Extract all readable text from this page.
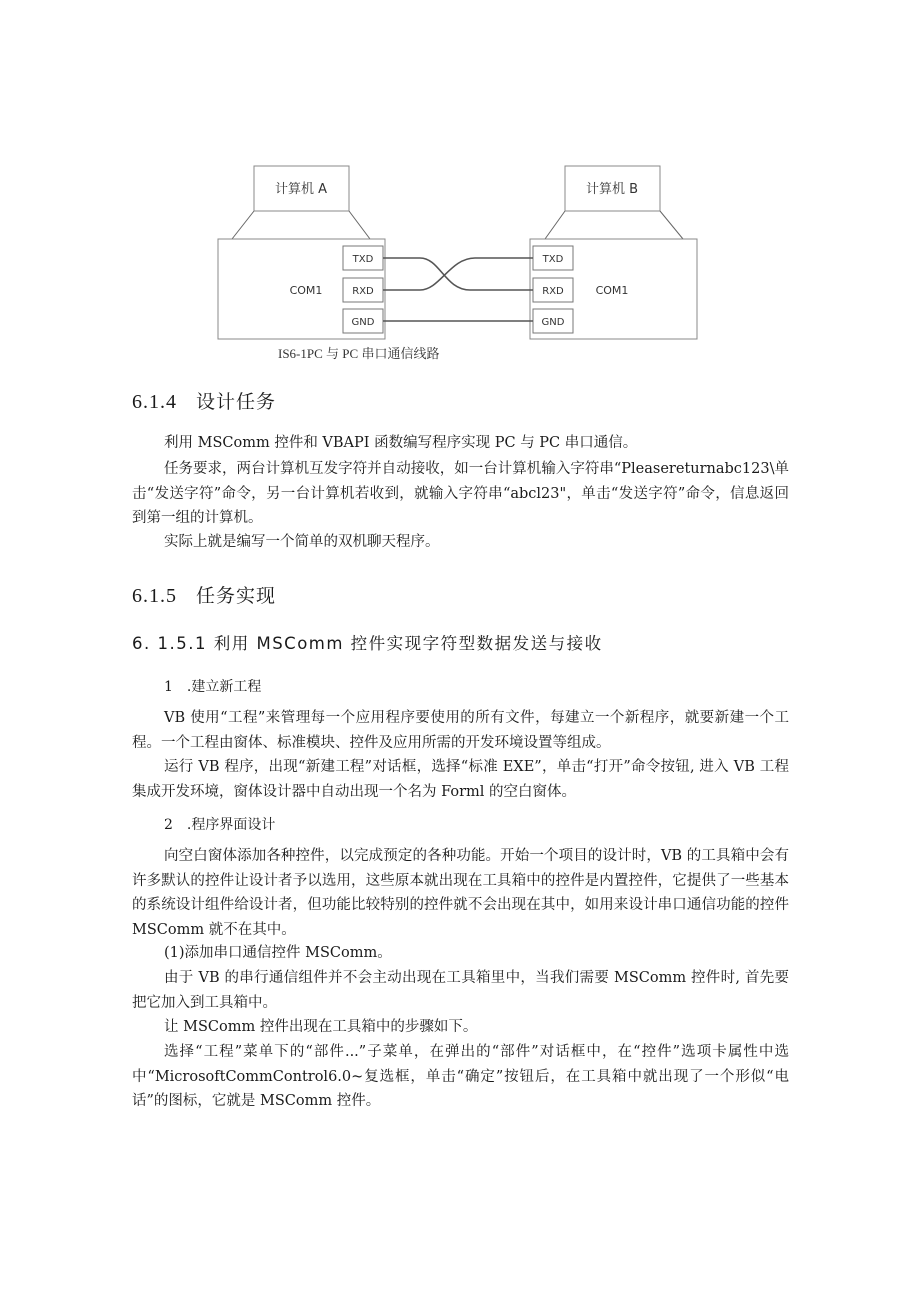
计算机 A	计算机 B
COM1	COM1
TXD
RXD
GND
TXD
RXD
GND
IS6-1PC 与 PC 串口通信线路
6.1.4 设计任务

利用 MSComm 控件和 VBAPI 函数编写程序实现 PC 与 PC 串口通信。

任务要求，两台计算机互发字符并自动接收，如一台计算机输入字符串“Pleasereturnabc123\单击“发送字符”命令，另一台计算机若收到，就输入字符串“abcl23"，单击“发送字符”命令，信息返回到第一组的计算机。

实际上就是编写一个简单的双机聊天程序。

6.1.5 任务实现
6. 1.5.1 利用 MSComm 控件实现字符型数据发送与接收
1　.建立新工程

VB 使用“工程”来管理每一个应用程序要使用的所有文件，每建立一个新程序，就要新建一个工程。一个工程由窗体、标准模块、控件及应用所需的开发环境设置等组成。

运行 VB 程序，出现“新建工程”对话框，选择“标准 EXE”，单击“打开”命令按钮, 进入 VB 工程集成开发环境，窗体设计器中自动出现一个名为 Forml 的空白窗体。

2　.程序界面设计

向空白窗体添加各种控件，以完成预定的各种功能。开始一个项目的设计时，VB 的工具箱中会有许多默认的控件让设计者予以选用，这些原本就出现在工具箱中的控件是内置控件，它提供了一些基本的系统设计组件给设计者，但功能比较特别的控件就不会出现在其中，如用来设计串口通信功能的控件 MSComm 就不在其中。

(1)添加串口通信控件 MSComm。

由于 VB 的串行通信组件并不会主动出现在工具箱里中，当我们需要 MSComm 控件时, 首先要把它加入到工具箱中。

让 MSComm 控件出现在工具箱中的步骤如下。

选择“工程”菜单下的“部件...”子菜单，在弹出的“部件”对话框中，在“控件”选项卡属性中选中“MicrosoftCommControl6.0~复选框，单击“确定”按钮后，在工具箱中就出现了一个形似“电话”的图标，它就是 MSComm 控件。
